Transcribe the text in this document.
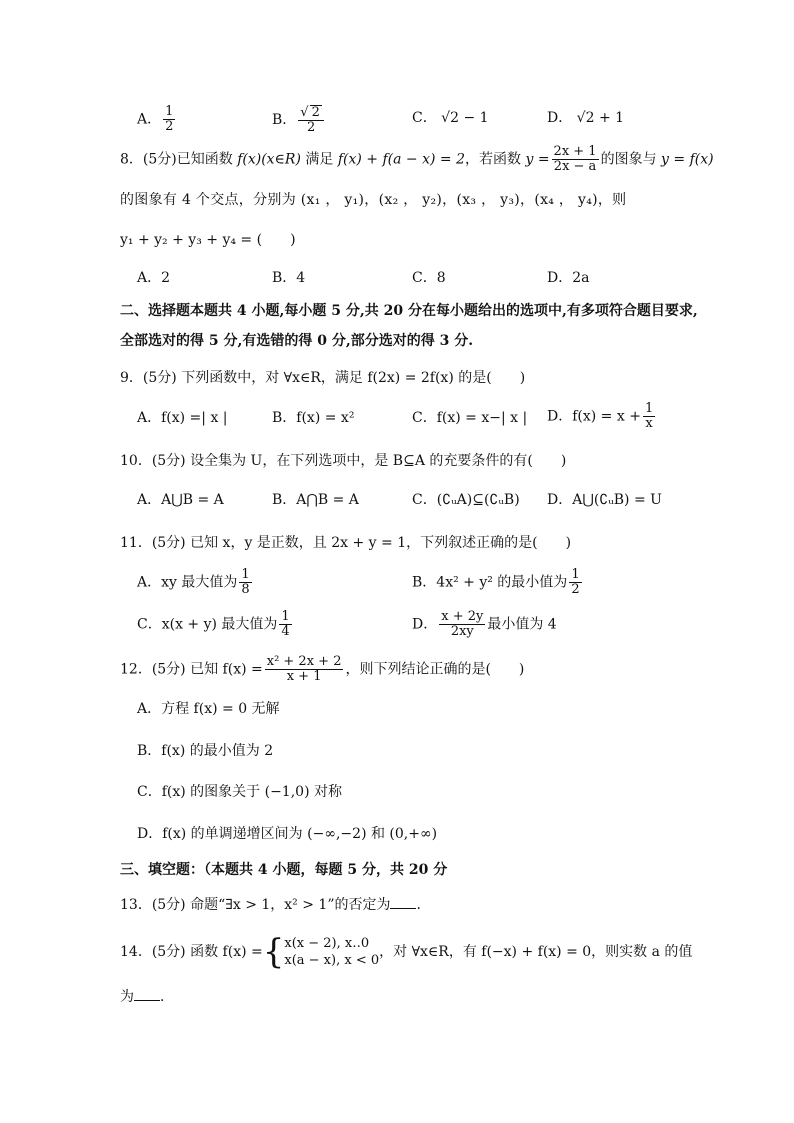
A． $\frac{1}{2}$	B． $\frac{√ 2}{2}$	C． √2 − 1	D． √2 + 1
8．(5分)已知函数 f(x)(x∈R) 满足 f(x) + f(a − x) = 2，若函数 $y = \frac{2x + 1}{2x - a}$ 的图象与 y = f(x)
的图象有 4 个交点，分别为 (x₁ ， y₁)，(x₂ ， y₂)，(x₃ ， y₃)，(x₄ ， y₄)，则
y₁ + y₂ + y₃ + y₄ = (　　)
A．2	B．4	C．8	D．2a
二、选择题本题共 4 小题,每小题 5 分,共 20 分在每小题给出的选项中,有多项符合题目要求,
全部选对的得 5 分,有选错的得 0 分,部分选对的得 3 分.
9．(5分) 下列函数中，对 ∀x∈R，满足 f(2x) = 2f(x) 的是(　　)
A．f(x) =| x |	B．f(x) = x²	C．f(x) = x−| x | D．$f(x) = x + \frac{1}{x}$
10．(5分) 设全集为 U，在下列选项中，是 B⊆A 的充要条件的有(　　)
A．A⋃B = A	B．A⋂B = A	C．(∁ᵤA)⊆(∁ᵤB) D．A⋃(∁ᵤB) = U
11．(5分) 已知 x，y 是正数，且 2x + y = 1，下列叙述正确的是(　　)
A．xy 最大值为 $\frac{1}{8}$	B．4x² + y² 的最小值为 $\frac{1}{2}$
C．x(x + y) 最大值为 $\frac{1}{4}$	D． $\frac{x + 2y}{2xy}$ 最小值为 4
12．(5分) 已知 $f(x) = \frac{\text{x² + 2x + 2}}{x + 1}$ ，则下列结论正确的是(　　)
A．方程 f(x) = 0 无解
B．f(x) 的最小值为 2
C．f(x) 的图象关于 (−1,0) 对称
D．f(x) 的单调递增区间为 (−∞,−2) 和 (0,+∞)
三、填空题：（本题共 4 小题，每题 5 分，共 20 分
13．(5分) 命题“∃x > 1，x² > 1”的否定为 ．
14．(5分) 函数 f(x) ={ x(x − 2), x‥0
x(a − x), x < 0
，对 ∀x∈R，有 f(−x) + f(x) = 0，则实数 a 的值
为 ．
